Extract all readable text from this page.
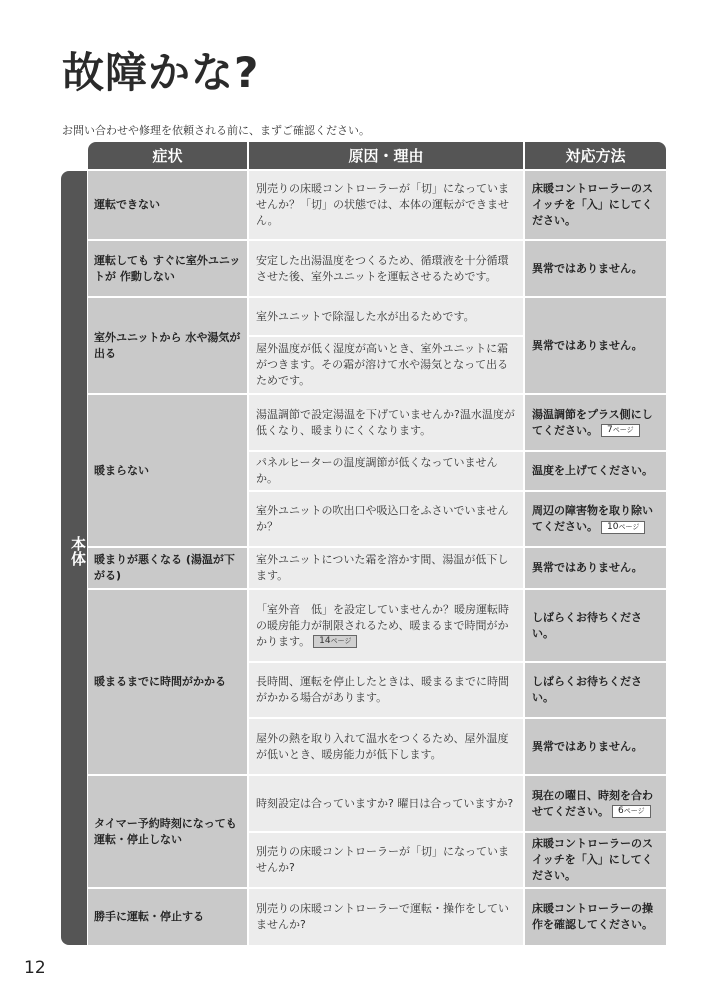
故障かな?
お問い合わせや修理を依頼される前に、まずご確認ください。
症状	原因・理由	対応方法
本体
運転できない
別売りの床暖コントローラーが「切」になっていませんか？「切」の状態では、本体の運転ができません。
床暖コントローラーのスイッチを「入」にしてください。
運転しても すぐに室外ユニットが 作動しない
安定した出湯温度をつくるため、循環液を十分循環させた後、室外ユニットを運転させるためです。
異常ではありません。
室外ユニットから 水や湯気が出る
室外ユニットで除湿した水が出るためです。
屋外温度が低く湿度が高いとき、室外ユニットに霜がつきます。その霜が溶けて水や湯気となって出るためです。
異常ではありません。
暖まらない
湯温調節で設定湯温を下げていませんか?温水温度が低くなり、暖まりにくくなります。
湯温調節をプラス側にしてください。 7ページ
パネルヒーターの温度調節が低くなっていませんか。
温度を上げてください。
室外ユニットの吹出口や吸込口をふさいでいませんか？
周辺の障害物を取り除いてください。 10ページ
暖まりが悪くなる (湯温が下がる)
室外ユニットについた霜を溶かす間、湯温が低下します。
異常ではありません。
暖まるまでに時間がかかる
「室外音　低」を設定していませんか？暖房運転時の暖房能力が制限されるため、暖まるまで時間がかかります。 14ページ
しばらくお待ちください。
長時間、運転を停止したときは、暖まるまでに時間がかかる場合があります。
しばらくお待ちください。
屋外の熱を取り入れて温水をつくるため、屋外温度が低いとき、暖房能力が低下します。
異常ではありません。
タイマー予約時刻になっても運転・停止しない
時刻設定は合っていますか? 曜日は合っていますか?
現在の曜日、時刻を合わせてください。 6ページ
別売りの床暖コントローラーが「切」になっていませんか?
床暖コントローラーのスイッチを「入」にしてください。
勝手に運転・停止する
別売りの床暖コントローラーで運転・操作をしていませんか?
床暖コントローラーの操作を確認してください。
12
